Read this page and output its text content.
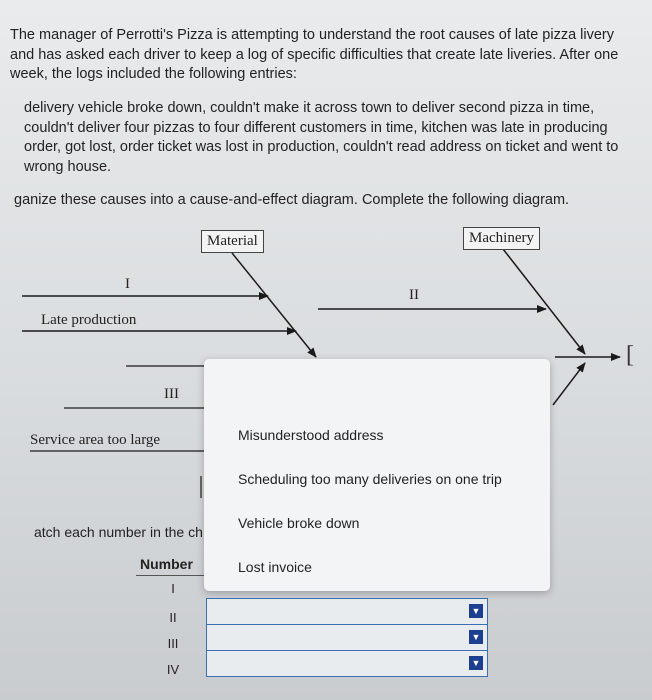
The manager of Perrotti's Pizza is attempting to understand the root causes of late pizza livery and has asked each driver to keep a log of specific difficulties that create late liveries. After one week, the logs included the following entries:
delivery vehicle broke down, couldn't make it across town to deliver second pizza in time, couldn't deliver four pizzas to four different customers in time, kitchen was late in producing order, got lost, order ticket was lost in production, couldn't read address on ticket and went to wrong house.
ganize these causes into a cause-and-effect diagram. Complete the following diagram.
Material	Machinery
I
II
III
Late production
Service area too large
[
atch each number in the ch
Number
I
II
III
IV
▼
▼
▼
Misunderstood address
Scheduling too many deliveries on one trip
Vehicle broke down
Lost invoice
